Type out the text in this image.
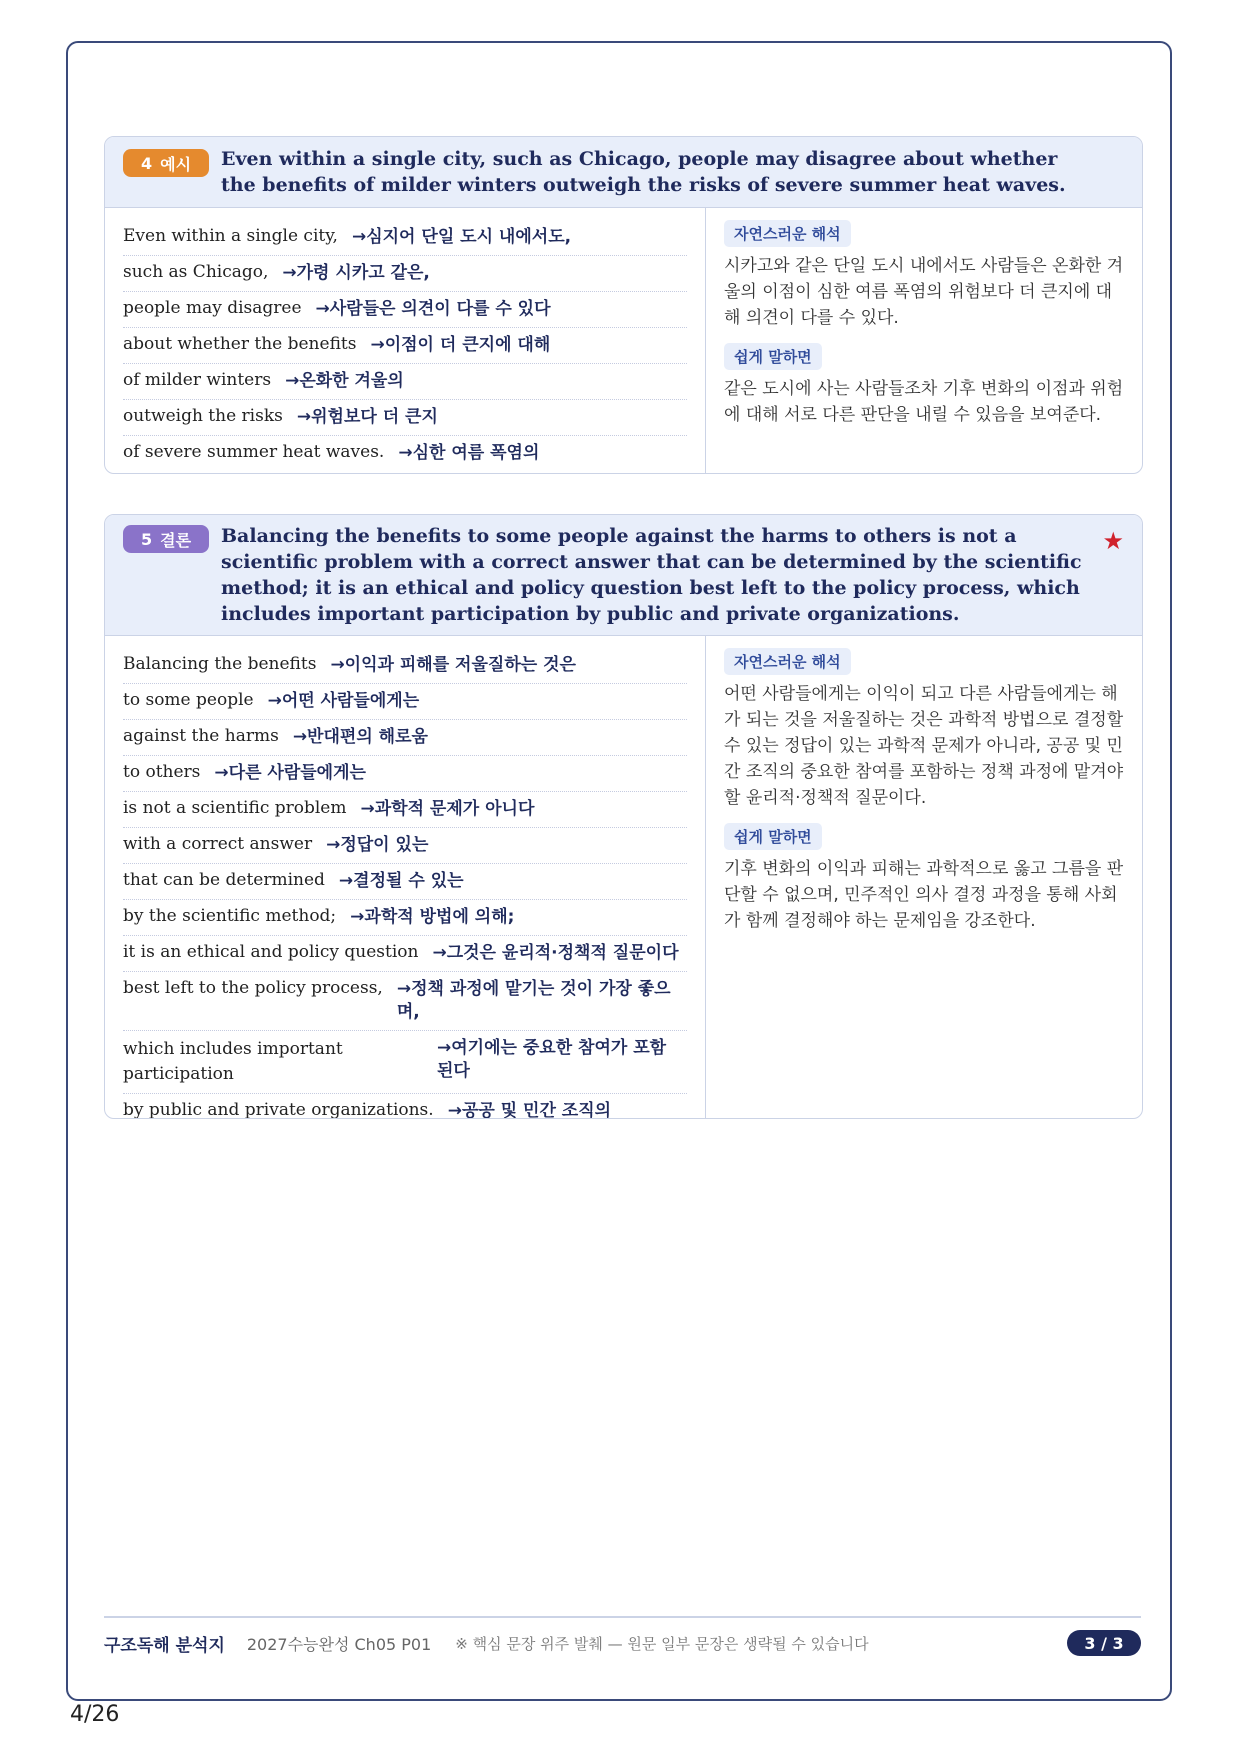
4 예시 Even within a single city, such as Chicago, people may disagree about whether the benefits of milder winters outweigh the risks of severe summer heat waves.
Even within a single city, →심지어 단일 도시 내에서도,
such as Chicago, →가령 시카고 같은,
people may disagree →사람들은 의견이 다를 수 있다
about whether the benefits →이점이 더 큰지에 대해
of milder winters →온화한 겨울의
outweigh the risks →위험보다 더 큰지
of severe summer heat waves. →심한 여름 폭염의
자연스러운 해석

시카고와 같은 단일 도시 내에서도 사람들은 온화한 겨울의 이점이 심한 여름 폭염의 위험보다 더 큰지에 대해 의견이 다를 수 있다.

쉽게 말하면

같은 도시에 사는 사람들조차 기후 변화의 이점과 위험에 대해 서로 다른 판단을 내릴 수 있음을 보여준다.

5 결론 Balancing the benefits to some people against the harms to others is not a scientific problem with a correct answer that can be determined by the scientific method; it is an ethical and policy question best left to the policy process, which includes important participation by public and private organizations.
★
Balancing the benefits →이익과 피해를 저울질하는 것은
to some people →어떤 사람들에게는
against the harms →반대편의 해로움
to others →다른 사람들에게는
is not a scientific problem →과학적 문제가 아니다
with a correct answer →정답이 있는
that can be determined →결정될 수 있는
by the scientific method; →과학적 방법에 의해;
it is an ethical and policy question →그것은 윤리적·정책적 질문이다
best left to the policy process, →정책 과정에 맡기는 것이 가장 좋으며,
which includes important participation
→여기에는 중요한 참여가 포함된다
by public and private organizations. →공공 및 민간 조직의
자연스러운 해석

어떤 사람들에게는 이익이 되고 다른 사람들에게는 해가 되는 것을 저울질하는 것은 과학적 방법으로 결정할 수 있는 정답이 있는 과학적 문제가 아니라, 공공 및 민간 조직의 중요한 참여를 포함하는 정책 과정에 맡겨야 할 윤리적·정책적 질문이다.

쉽게 말하면

기후 변화의 이익과 피해는 과학적으로 옳고 그름을 판단할 수 없으며, 민주적인 의사 결정 과정을 통해 사회가 함께 결정해야 하는 문제임을 강조한다.

구조독해 분석지 2027수능완성 Ch05 P01 ※ 핵심 문장 위주 발췌 — 원문 일부 문장은 생략될 수 있습니다	3 / 3
4/26
